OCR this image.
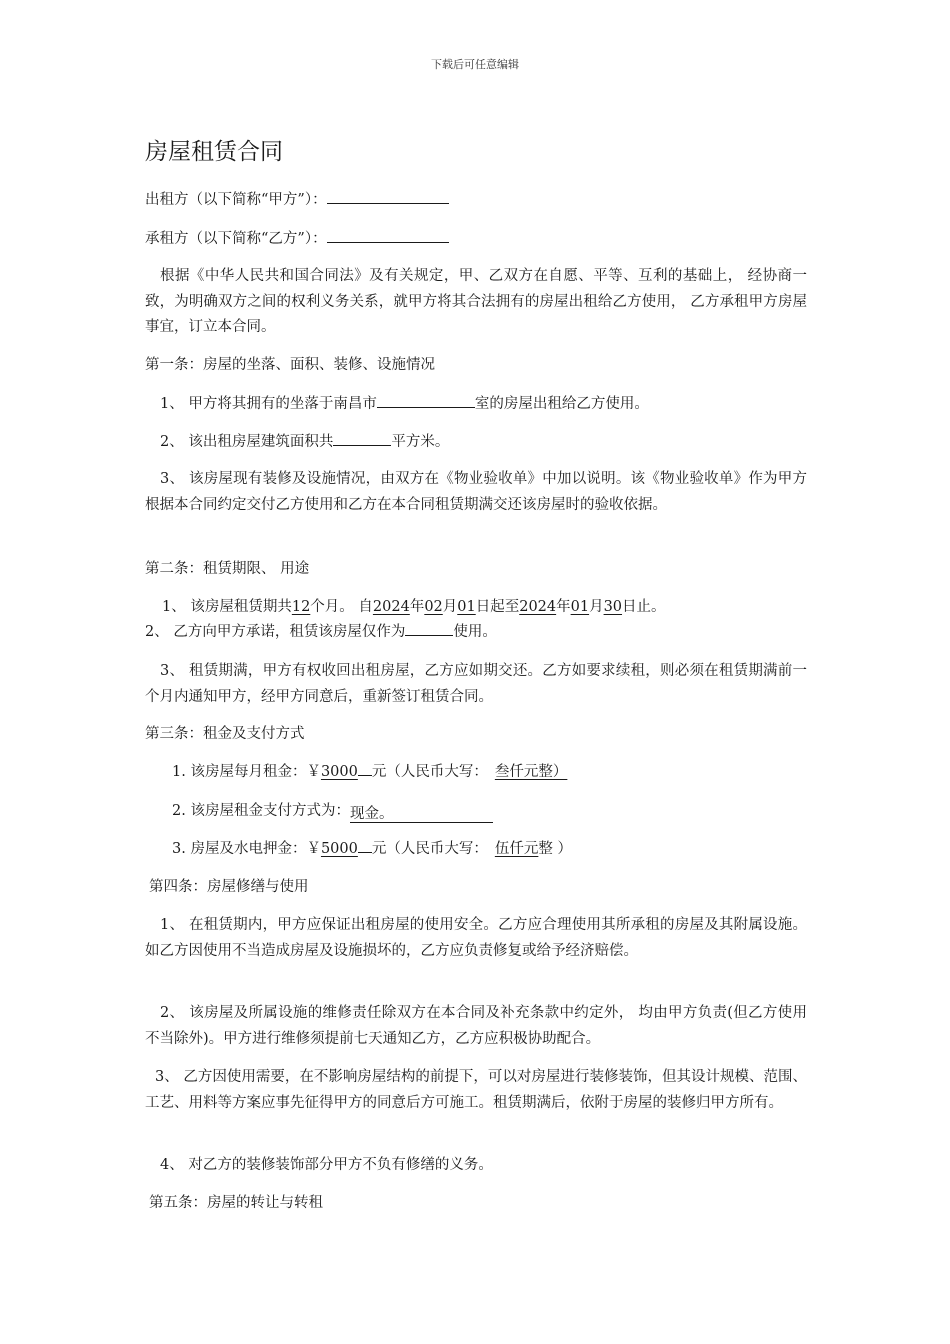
下载后可任意编辑
房屋租赁合同
出租方（以下简称“甲方”）：
承租方（以下简称“乙方”）：
根据《中华人民共和国合同法》及有关规定，甲、乙双方在自愿、平等、互利的基础上， 经协商一致，为明确双方之间的权利义务关系，就甲方将其合法拥有的房屋出租给乙方使用， 乙方承租甲方房屋事宜，订立本合同。
第一条：房屋的坐落、面积、装修、设施情况
1、 甲方将其拥有的坐落于南昌市	室的房屋出租给乙方使用。
2、 该出租房屋建筑面积共	平方米。
3、 该房屋现有装修及设施情况，由双方在《物业验收单》中加以说明。该《物业验收单》作为甲方根据本合同约定交付乙方使用和乙方在本合同租赁期满交还该房屋时的验收依据。
第二条：租赁期限、 用途
1、 该房屋租赁期共12个月。 自2024年02月01日起至2024年01月30日止。
2、 乙方向甲方承诺，租赁该房屋仅作为	使用。
3、 租赁期满，甲方有权收回出租房屋，乙方应如期交还。乙方如要求续租，则必须在租赁期满前一个月内通知甲方，经甲方同意后，重新签订租赁合同。
第三条：租金及支付方式
1. 该房屋每月租金：￥3000 元（人民币大写： 叁仟元整）
2. 该房屋租金支付方式为：现金。
3. 房屋及水电押金：￥5000 元（人民币大写： 伍仟元整 ）
第四条：房屋修缮与使用
1、 在租赁期内，甲方应保证出租房屋的使用安全。乙方应合理使用其所承租的房屋及其附属设施。如乙方因使用不当造成房屋及设施损坏的，乙方应负责修复或给予经济赔偿。
2、 该房屋及所属设施的维修责任除双方在本合同及补充条款中约定外， 均由甲方负责(但乙方使用不当除外)。甲方进行维修须提前七天通知乙方，乙方应积极协助配合。
3、 乙方因使用需要，在不影响房屋结构的前提下，可以对房屋进行装修装饰，但其设计规模、范围、 工艺、用料等方案应事先征得甲方的同意后方可施工。租赁期满后，依附于房屋的装修归甲方所有。
4、 对乙方的装修装饰部分甲方不负有修缮的义务。
第五条：房屋的转让与转租
